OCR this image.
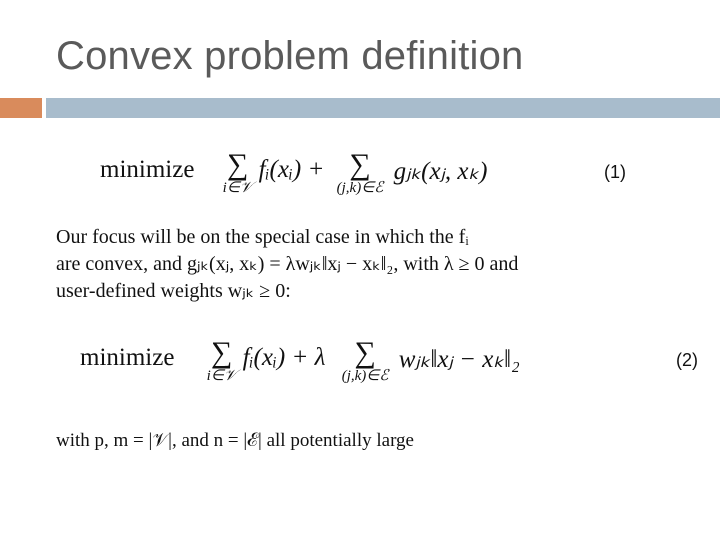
Convex problem definition
minimize ∑
i∈𝒱
fᵢ(xᵢ) + ∑
(j,k)∈ℰ
gⱼₖ(xⱼ, xₖ)	(1)
Our focus will be on the special case in which the fᵢ
are convex, and gⱼₖ(xⱼ, xₖ) = λwⱼₖ‖xⱼ − xₖ‖₂, with λ ≥ 0 and
user-defined weights wⱼₖ ≥ 0:
minimize ∑
i∈𝒱
fᵢ(xᵢ) + λ ∑
(j,k)∈ℰ
wⱼₖ‖xⱼ − xₖ‖₂	(2)
with p, m = |𝒱|, and n = |ℰ| all potentially large
